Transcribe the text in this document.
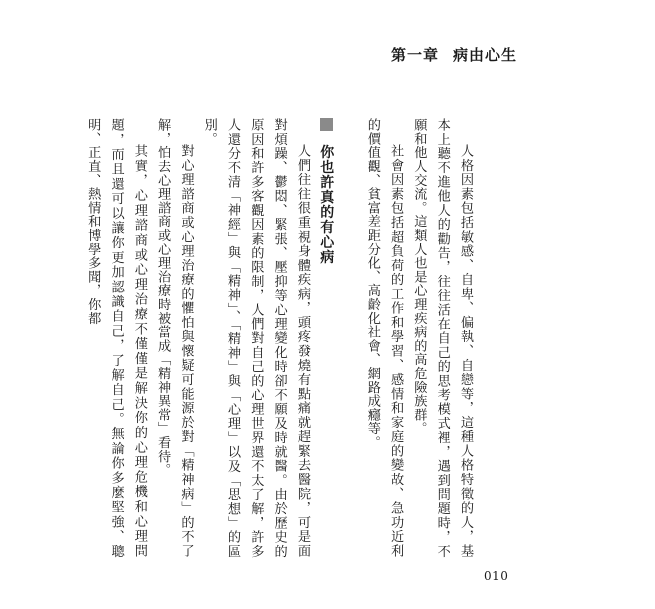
第一章 病由心生

人格因素包括敏感、自卑、偏執、自戀等，這種人格特徵的人，基本上聽不進他人的勸告，往往活在自己的思考模式裡，遇到問題時，不願和他人交流。這類人也是心理疾病的高危險族群。

社會因素包括超負荷的工作和學習、感情和家庭的變故、急功近利的價值觀、貧富差距分化、高齡化社會、網路成癮等。

你也許真的有心病

人們往往很重視身體疾病，頭疼發燒有點痛就趕緊去醫院，可是面對煩躁、鬱悶、緊張、壓抑等心理變化時卻不願及時就醫。由於歷史的原因和許多客觀因素的限制，人們對自己的心理世界還不太了解，許多人還分不清「神經」與「精神」、「精神」與「心理」以及「思想」的區別。

對心理諮商或心理治療的懼怕與懷疑可能源於對「精神病」的不了解，怕去心理諮商或心理治療時被當成「精神異常」看待。

其實，心理諮商或心理治療不僅僅是解決你的心理危機和心理問題，而且還可以讓你更加認識自己，了解自己。無論你多麼堅強、聰明、正直、熱情和博學多聞，你都

010
